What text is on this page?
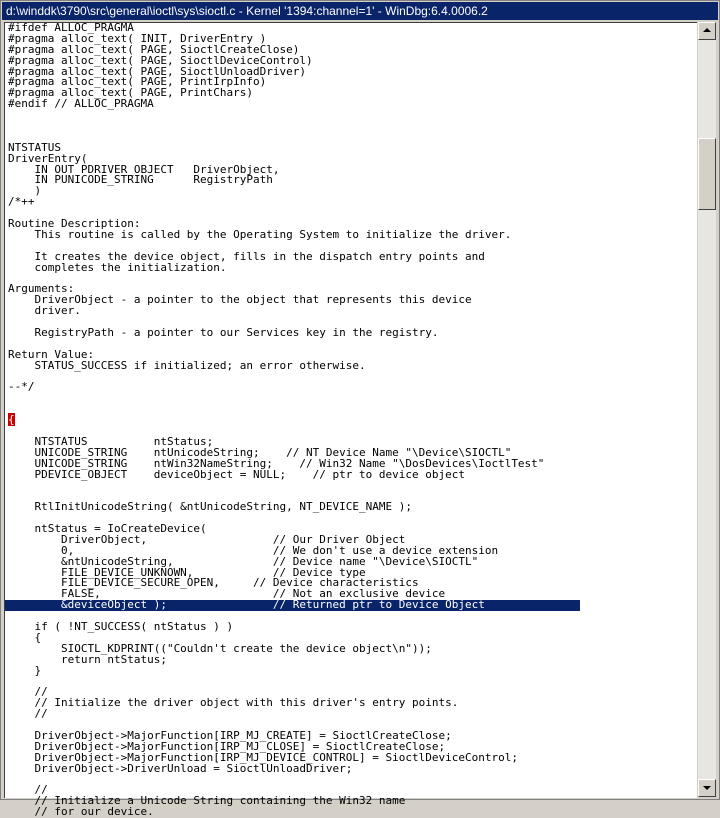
d:\winddk\3790\src\general\ioctl\sys\sioctl.c - Kernel '1394:channel=1' - WinDbg:6.4.0006.2
#ifdef ALLOC_PRAGMA
#pragma alloc_text( INIT, DriverEntry )
#pragma alloc_text( PAGE, SioctlCreateClose)
#pragma alloc_text( PAGE, SioctlDeviceControl)
#pragma alloc_text( PAGE, SioctlUnloadDriver)
#pragma alloc_text( PAGE, PrintIrpInfo)
#pragma alloc_text( PAGE, PrintChars)
#endif // ALLOC_PRAGMA
NTSTATUS
DriverEntry(
IN OUT PDRIVER_OBJECT   DriverObject,
IN PUNICODE_STRING      RegistryPath
)
/*++
Routine Description:
This routine is called by the Operating System to initialize the driver.
It creates the device object, fills in the dispatch entry points and
completes the initialization.
Arguments:
DriverObject - a pointer to the object that represents this device
driver.
RegistryPath - a pointer to our Services key in the registry.
Return Value:
STATUS_SUCCESS if initialized; an error otherwise.
--*/
{
NTSTATUS          ntStatus;
UNICODE_STRING    ntUnicodeString;    // NT Device Name "\Device\SIOCTL"
UNICODE_STRING    ntWin32NameString;    // Win32 Name "\DosDevices\IoctlTest"
PDEVICE_OBJECT    deviceObject = NULL;    // ptr to device object
RtlInitUnicodeString( &ntUnicodeString, NT_DEVICE_NAME );
ntStatus = IoCreateDevice(
DriverObject,                   // Our Driver Object
0,                              // We don't use a device extension
&ntUnicodeString,               // Device name "\Device\SIOCTL"
FILE_DEVICE_UNKNOWN,            // Device type
FILE_DEVICE_SECURE_OPEN,     // Device characteristics
FALSE,                          // Not an exclusive device
&deviceObject );                // Returned ptr to Device Object
if ( !NT_SUCCESS( ntStatus ) )
{
SIOCTL_KDPRINT(("Couldn't create the device object\n"));
return ntStatus;
}
//
// Initialize the driver object with this driver's entry points.
//
DriverObject->MajorFunction[IRP_MJ_CREATE] = SioctlCreateClose;
DriverObject->MajorFunction[IRP_MJ_CLOSE] = SioctlCreateClose;
DriverObject->MajorFunction[IRP_MJ_DEVICE_CONTROL] = SioctlDeviceControl;
DriverObject->DriverUnload = SioctlUnloadDriver;
//
// Initialize a Unicode String containing the Win32 name
// for our device.
